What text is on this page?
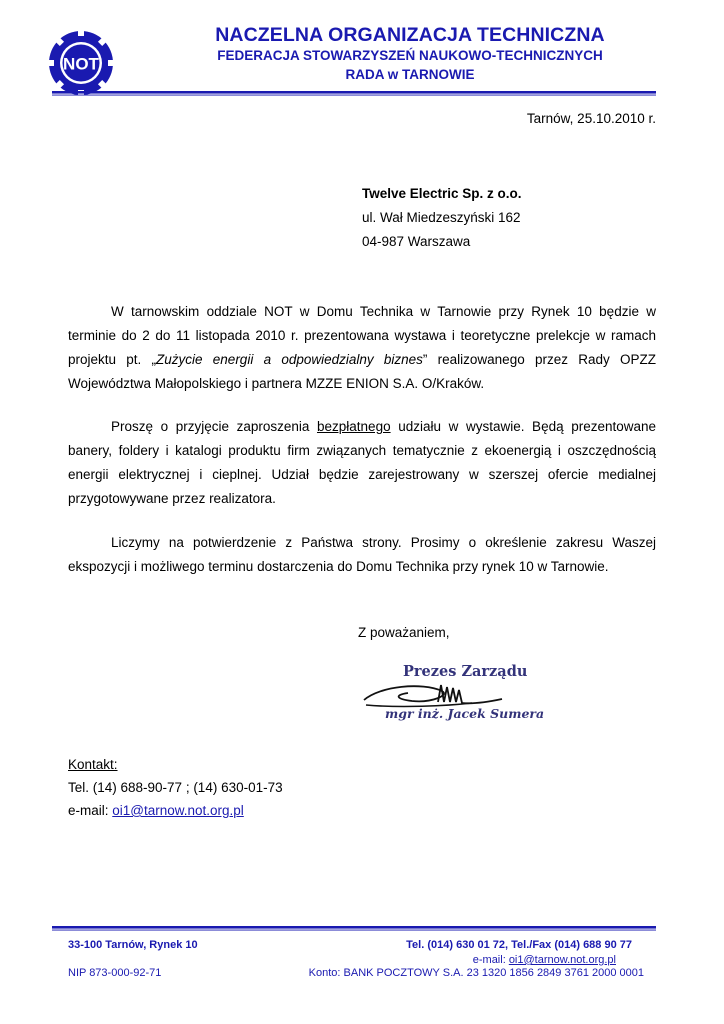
NOT
NACZELNA ORGANIZACJA TECHNICZNA
FEDERACJA STOWARZYSZEŃ NAUKOWO-TECHNICZNYCH
RADA w TARNOWIE
Tarnów, 25.10.2010 r.
Twelve Electric Sp. z o.o.
ul. Wał Miedzeszyński 162
04-987 Warszawa

W tarnowskim oddziale NOT w Domu Technika w Tarnowie przy Rynek 10 będzie w terminie do 2 do 11 listopada 2010 r. prezentowana wystawa i teoretyczne prelekcje w ramach projektu pt. „Zużycie energii a odpowiedzialny biznes” realizowanego przez Rady OPZZ Województwa Małopolskiego i partnera MZZE ENION S.A. O/Kraków.

Proszę o przyjęcie zaproszenia bezpłatnego udziału w wystawie. Będą prezentowane banery, foldery i katalogi produktu firm związanych tematycznie z ekoenergią i oszczędnością energii elektrycznej i cieplnej. Udział będzie zarejestrowany w szerszej ofercie medialnej przygotowywane przez realizatora.

Liczymy na potwierdzenie z Państwa strony. Prosimy o określenie zakresu Waszej ekspozycji i możliwego terminu dostarczenia do Domu Technika przy rynek 10 w Tarnowie.

Z poważaniem,
Prezes Zarządu
mgr inż. Jacek Sumera
Kontakt:
Tel. (14) 688-90-77 ; (14) 630-01-73
e-mail: oi1@tarnow.not.org.pl
33-100 Tarnów, Rynek 10	Tel. (014) 630 01 72, Tel./Fax (014) 688 90 77
e-mail: oi1@tarnow.not.org.pl
NIP 873-000-92-71	Konto: BANK POCZTOWY S.A. 23 1320 1856 2849 3761 2000 0001
